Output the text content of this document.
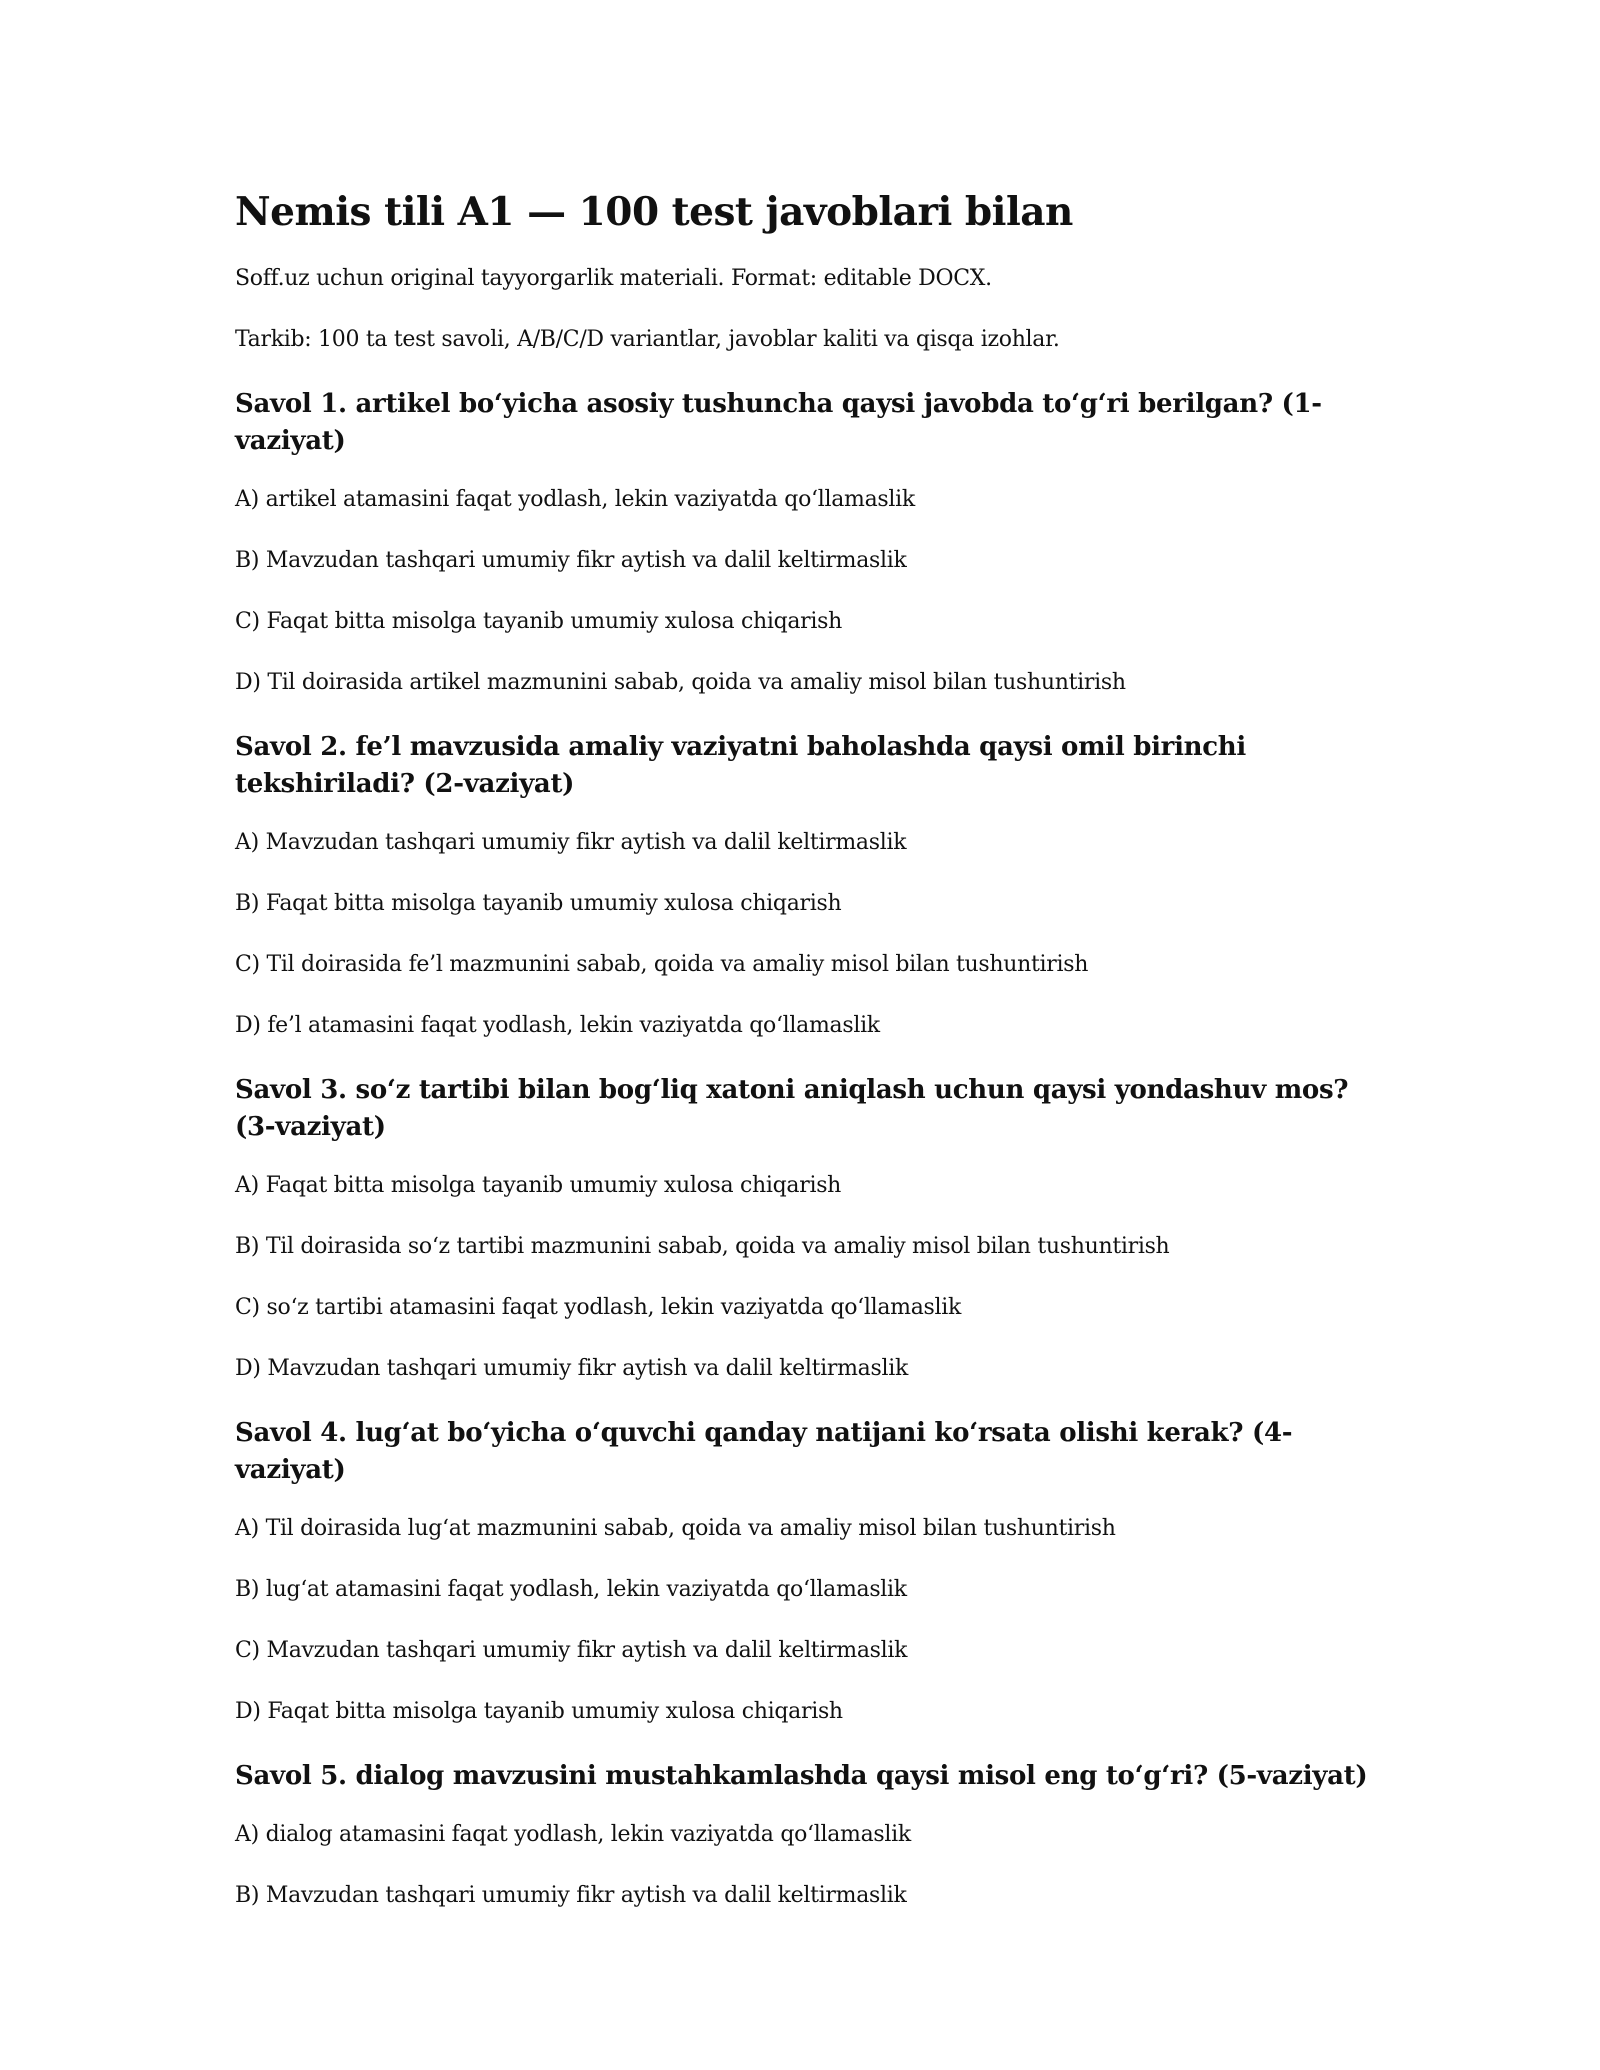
Nemis tili A1 — 100 test javoblari bilan

Soff.uz uchun original tayyorgarlik materiali. Format: editable DOCX.

Tarkib: 100 ta test savoli, A/B/C/D variantlar, javoblar kaliti va qisqa izohlar.

Savol 1. artikel bo‘yicha asosiy tushuncha qaysi javobda to‘g‘ri berilgan? (1-vaziyat)

A) artikel atamasini faqat yodlash, lekin vaziyatda qo‘llamaslik

B) Mavzudan tashqari umumiy fikr aytish va dalil keltirmaslik

C) Faqat bitta misolga tayanib umumiy xulosa chiqarish

D) Til doirasida artikel mazmunini sabab, qoida va amaliy misol bilan tushuntirish

Savol 2. fe’l mavzusida amaliy vaziyatni baholashda qaysi omil birinchi tekshiriladi? (2-vaziyat)

A) Mavzudan tashqari umumiy fikr aytish va dalil keltirmaslik

B) Faqat bitta misolga tayanib umumiy xulosa chiqarish

C) Til doirasida fe’l mazmunini sabab, qoida va amaliy misol bilan tushuntirish

D) fe’l atamasini faqat yodlash, lekin vaziyatda qo‘llamaslik

Savol 3. so‘z tartibi bilan bog‘liq xatoni aniqlash uchun qaysi yondashuv mos? (3-vaziyat)

A) Faqat bitta misolga tayanib umumiy xulosa chiqarish

B) Til doirasida so‘z tartibi mazmunini sabab, qoida va amaliy misol bilan tushuntirish

C) so‘z tartibi atamasini faqat yodlash, lekin vaziyatda qo‘llamaslik

D) Mavzudan tashqari umumiy fikr aytish va dalil keltirmaslik

Savol 4. lug‘at bo‘yicha o‘quvchi qanday natijani ko‘rsata olishi kerak? (4-vaziyat)

A) Til doirasida lug‘at mazmunini sabab, qoida va amaliy misol bilan tushuntirish

B) lug‘at atamasini faqat yodlash, lekin vaziyatda qo‘llamaslik

C) Mavzudan tashqari umumiy fikr aytish va dalil keltirmaslik

D) Faqat bitta misolga tayanib umumiy xulosa chiqarish

Savol 5. dialog mavzusini mustahkamlashda qaysi misol eng to‘g‘ri? (5-vaziyat)

A) dialog atamasini faqat yodlash, lekin vaziyatda qo‘llamaslik

B) Mavzudan tashqari umumiy fikr aytish va dalil keltirmaslik
